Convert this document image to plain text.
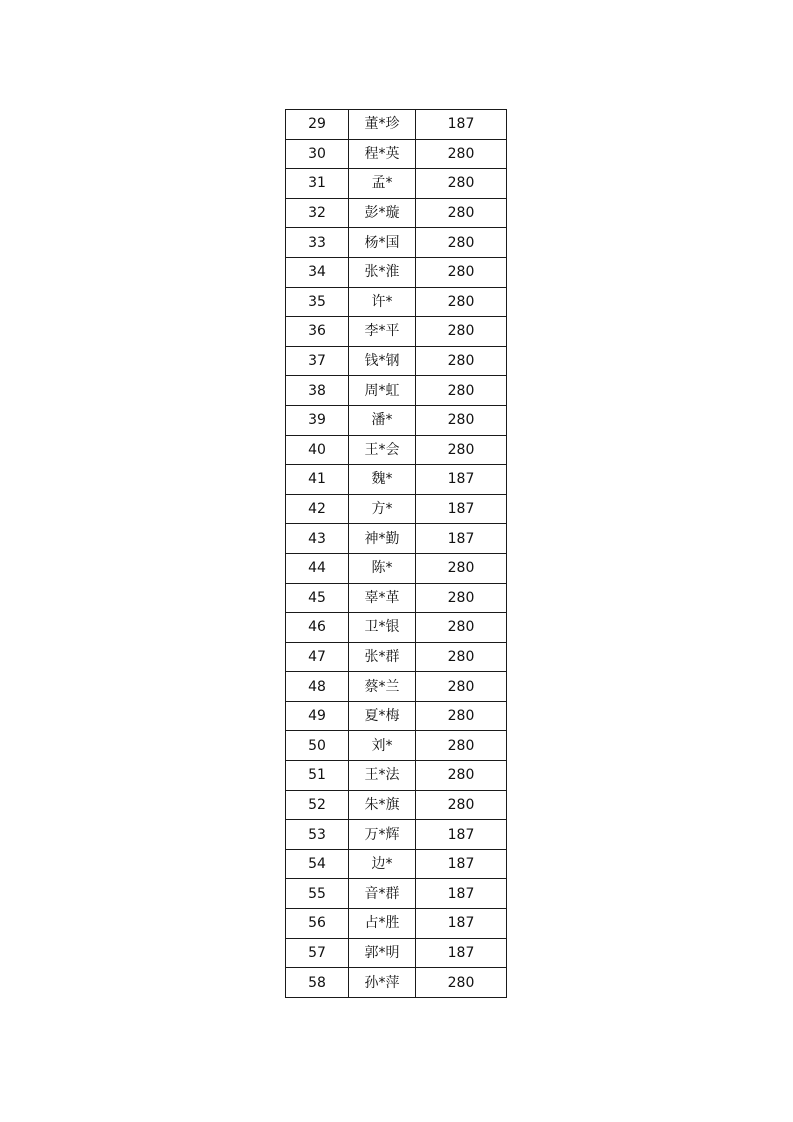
29	董*珍	187
30	程*英	280
31	孟*	280
32	彭*璇	280
33	杨*国	280
34	张*淮	280
35	许*	280
36	李*平	280
37	钱*钢	280
38	周*虹	280
39	潘*	280
40	王*会	280
41	魏*	187
42	方*	187
43	神*勤	187
44	陈*	280
45	辜*革	280
46	卫*银	280
47	张*群	280
48	蔡*兰	280
49	夏*梅	280
50	刘*	280
51	王*法	280
52	朱*旗	280
53	万*辉	187
54	边*	187
55	音*群	187
56	占*胜	187
57	郭*明	187
58	孙*萍	280
